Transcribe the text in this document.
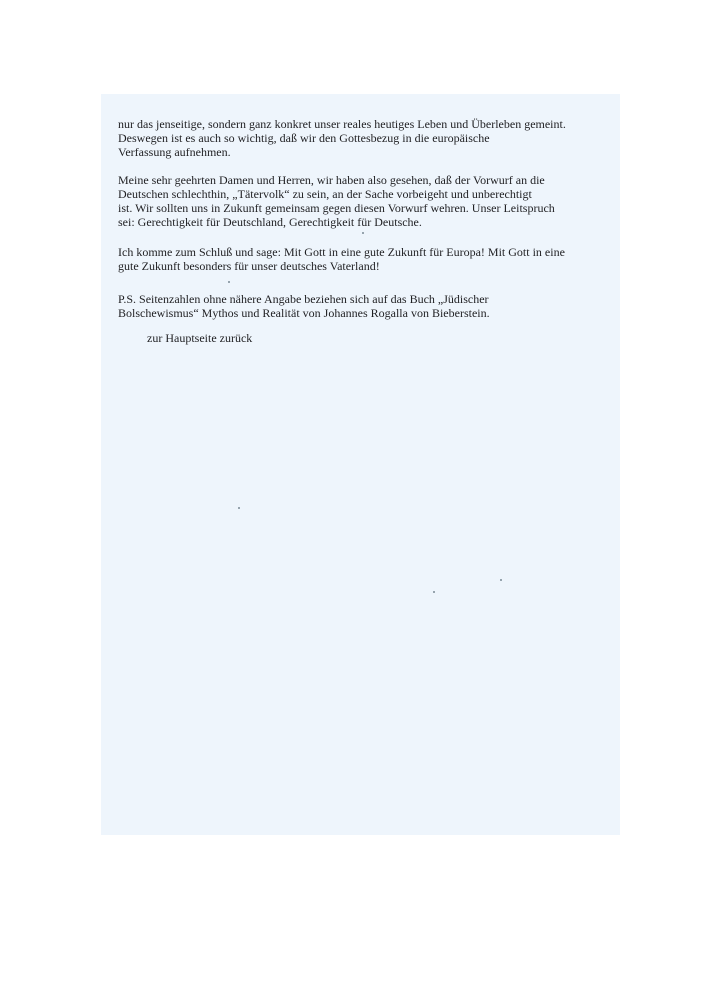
nur das jenseitige, sondern ganz konkret unser reales heutiges Leben und Überleben gemeint.
Deswegen ist es auch so wichtig, daß wir den Gottesbezug in die europäische
Verfassung aufnehmen.
Meine sehr geehrten Damen und Herren, wir haben also gesehen, daß der Vorwurf an die
Deutschen schlechthin, „Tätervolk“ zu sein, an der Sache vorbeigeht und unberechtigt
ist. Wir sollten uns in Zukunft gemeinsam gegen diesen Vorwurf wehren. Unser Leitspruch
sei: Gerechtigkeit für Deutschland, Gerechtigkeit für Deutsche.
Ich komme zum Schluß und sage: Mit Gott in eine gute Zukunft für Europa! Mit Gott in eine
gute Zukunft besonders für unser deutsches Vaterland!
P.S. Seitenzahlen ohne nähere Angabe beziehen sich auf das Buch „Jüdischer
Bolschewismus“ Mythos und Realität von Johannes Rogalla von Bieberstein.
zur Hauptseite zurück
